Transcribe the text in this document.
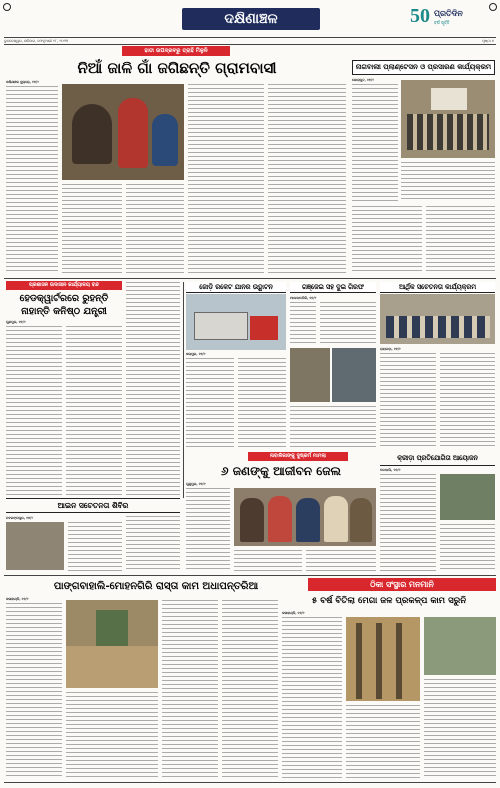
ଦକ୍ଷିଣାଞ୍ଚଳ	50 ପ୍ରତିଦିନ
ବର୍ଷ ପୂର୍ତ୍ତି
ଭୁବନେଶ୍ୱର, ଶନିବାର, ଫେବୃଆରୀ ୧୮, ୨୦୨୩	ପୃଷ୍ଠା ୭
ହାତୀ ଉପଦ୍ରବରୁ ତ୍ରାହି ମିଳୁନି
ନିଆଁ ଜାଳି ଗାଁ ଜଗିଛନ୍ତି ଗ୍ରାମବାସୀ
ଦକ୍ଷିଣାଞ୍ଚଳ ବ୍ୟୁରୋ, ୧୭/୨
ନାଗବାଲୀ ପ୍ଲାଣ୍ଟେସନ ଓ ପ୍ରସାରଣ କାର୍ଯ୍ୟକ୍ରମ
କୋରାପୁଟ, ୧୭/୨
ପ୍ରଶାସନ ଉଦାସୀନ କାର୍ଯ୍ୟାଳୟ ବନ୍ଦ
ହେଡକ୍ୱାର୍ଟରରେ ରୁହନ୍ତି
ନାହାନ୍ତି କନିଷ୍ଠ ଯନ୍ତ୍ରୀ
ଗୁଣପୁର, ୧୭/୨
ଜୋଡ଼ି ରକେଟ ଯାନର ଉଦ୍ଘାଟନ
ଜୟପୁର, ୧୭/୨
ଗଞ୍ଜେଇ ସହ ଦୁଇ ଗିରଫ
ମାଲକାନଗିରି, ୧୭/୨
ଆର୍ଥିକ ସଚେତନତା କାର୍ଯ୍ୟକ୍ରମ
ରାୟଗଡ଼ା, ୧୭/୨
ନାବାଳିକାଙ୍କୁ ଦୁଷ୍କର୍ମ ମାମଲା
୬ ଜଣଙ୍କୁ ଆଜୀବନ ଜେଲ
ଗୁଣୁପୁର, ୧୭/୨
କ୍ରୀଡ଼ା ପ୍ରତିଯୋଗିତା ଆୟୋଜନ
ବରପାଲି, ୧୭/୨
ଆଇନ ସଚେତନତା ଶିବିର
ନବରଙ୍ଗପୁର, ୧୭/୨
ପାଙ୍ଗବାହାଲି-ମୋହନଗିରି ରାସ୍ତା କାମ ଅଧାପନ୍ତରିଆ
କଳାହାଣ୍ଡି, ୧୭/୨
ଠିକା ସଂସ୍ଥାର ମନମାନି
୫ ବର୍ଷ ବିତିଲା ମେଗା ଜଳ ପ୍ରକଳ୍ପ କାମ ସରୁନି
କଳାହାଣ୍ଡି, ୧୭/୨
